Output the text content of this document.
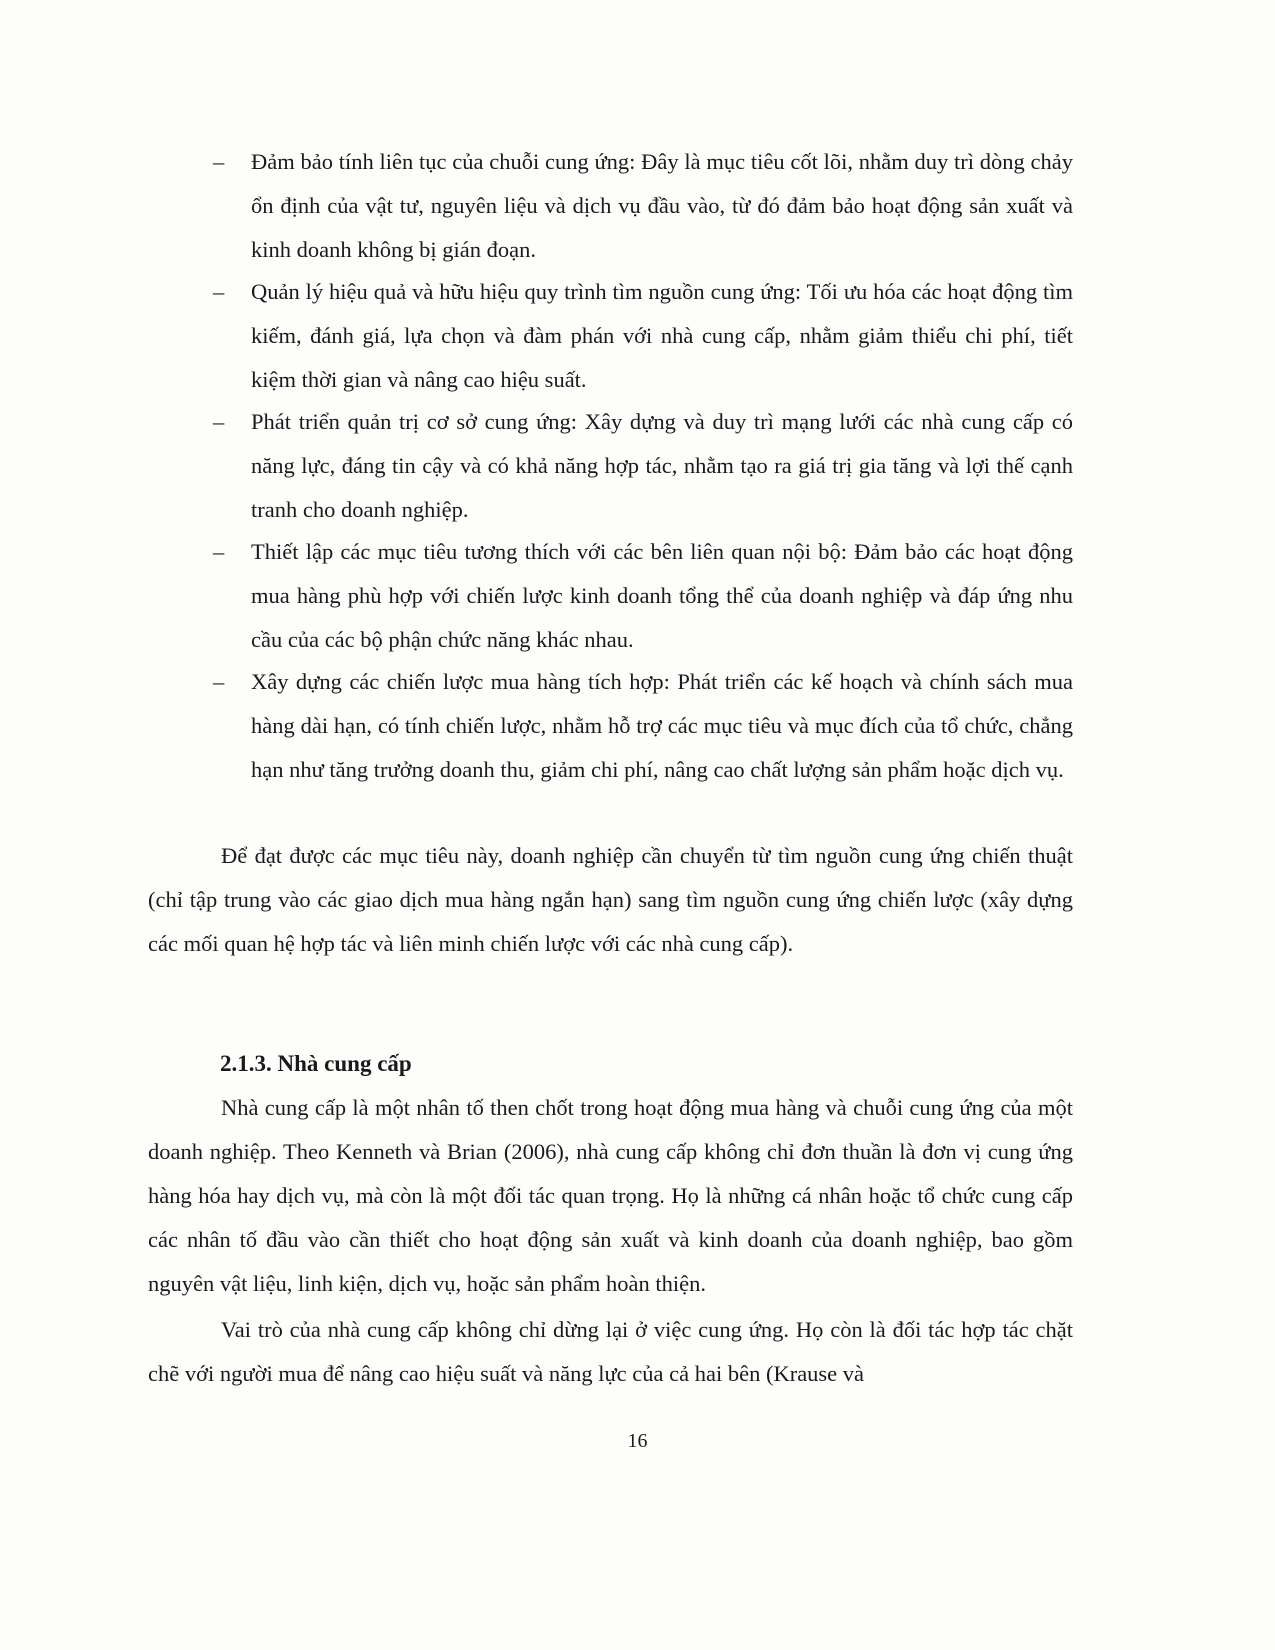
– Đảm bảo tính liên tục của chuỗi cung ứng: Đây là mục tiêu cốt lõi, nhằm duy trì dòng chảy ổn định của vật tư, nguyên liệu và dịch vụ đầu vào, từ đó đảm bảo hoạt động sản xuất và kinh doanh không bị gián đoạn.
– Quản lý hiệu quả và hữu hiệu quy trình tìm nguồn cung ứng: Tối ưu hóa các hoạt động tìm kiếm, đánh giá, lựa chọn và đàm phán với nhà cung cấp, nhằm giảm thiểu chi phí, tiết kiệm thời gian và nâng cao hiệu suất.
– Phát triển quản trị cơ sở cung ứng: Xây dựng và duy trì mạng lưới các nhà cung cấp có năng lực, đáng tin cậy và có khả năng hợp tác, nhằm tạo ra giá trị gia tăng và lợi thế cạnh tranh cho doanh nghiệp.
– Thiết lập các mục tiêu tương thích với các bên liên quan nội bộ: Đảm bảo các hoạt động mua hàng phù hợp với chiến lược kinh doanh tổng thể của doanh nghiệp và đáp ứng nhu cầu của các bộ phận chức năng khác nhau.
– Xây dựng các chiến lược mua hàng tích hợp: Phát triển các kế hoạch và chính sách mua hàng dài hạn, có tính chiến lược, nhằm hỗ trợ các mục tiêu và mục đích của tổ chức, chẳng hạn như tăng trưởng doanh thu, giảm chi phí, nâng cao chất lượng sản phẩm hoặc dịch vụ.

Để đạt được các mục tiêu này, doanh nghiệp cần chuyển từ tìm nguồn cung ứng chiến thuật (chỉ tập trung vào các giao dịch mua hàng ngắn hạn) sang tìm nguồn cung ứng chiến lược (xây dựng các mối quan hệ hợp tác và liên minh chiến lược với các nhà cung cấp).

2.1.3. Nhà cung cấp

Nhà cung cấp là một nhân tố then chốt trong hoạt động mua hàng và chuỗi cung ứng của một doanh nghiệp. Theo Kenneth và Brian (2006), nhà cung cấp không chỉ đơn thuần là đơn vị cung ứng hàng hóa hay dịch vụ, mà còn là một đối tác quan trọng. Họ là những cá nhân hoặc tổ chức cung cấp các nhân tố đầu vào cần thiết cho hoạt động sản xuất và kinh doanh của doanh nghiệp, bao gồm nguyên vật liệu, linh kiện, dịch vụ, hoặc sản phẩm hoàn thiện.

Vai trò của nhà cung cấp không chỉ dừng lại ở việc cung ứng. Họ còn là đối tác hợp tác chặt chẽ với người mua để nâng cao hiệu suất và năng lực của cả hai bên (Krause và

16
